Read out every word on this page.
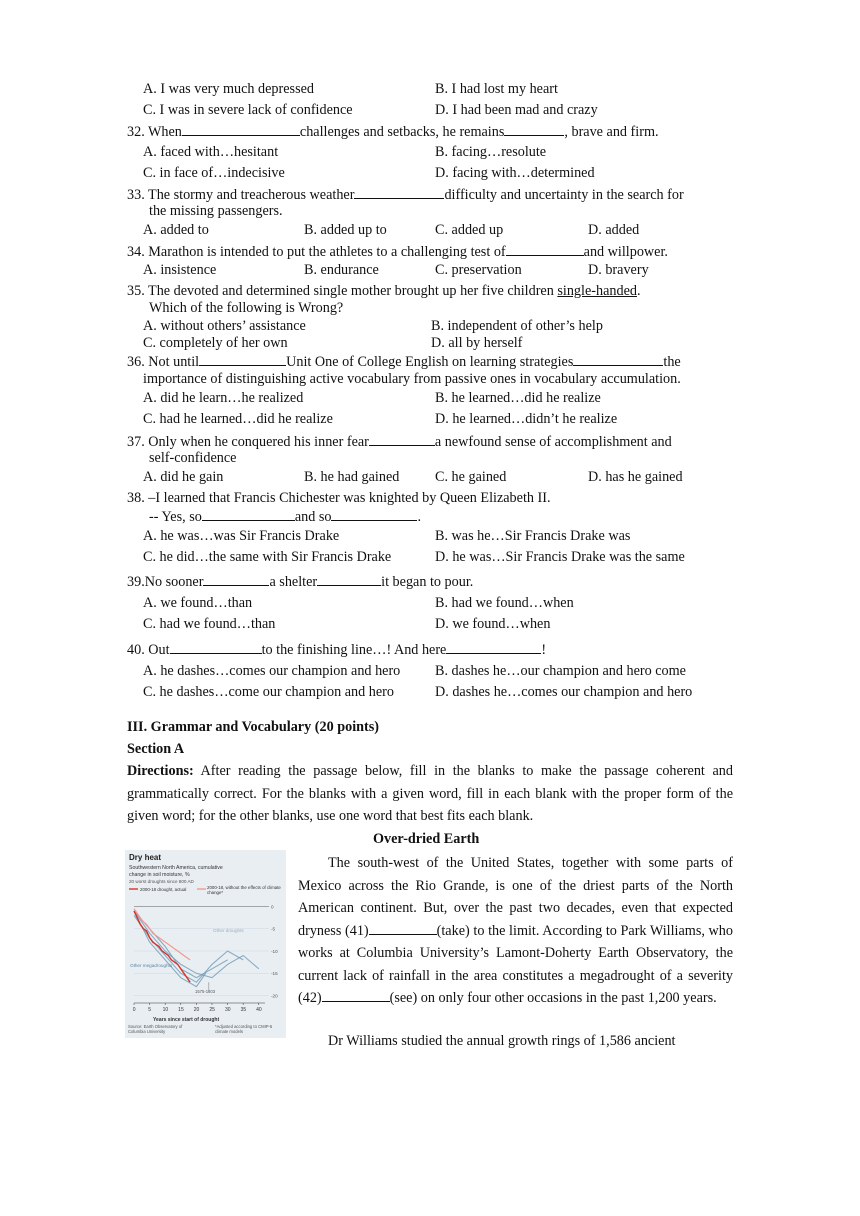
A. I was very much depressed	B. I had lost my heart
C. I was in severe lack of confidence	D. I had been mad and crazy
32. When	challenges and setbacks, he remains	, brave and firm.
A. faced with…hesitant	B. facing…resolute
C. in face of…indecisive	D. facing with…determined
33. The stormy and treacherous weather	difficulty and uncertainty in the search for
the missing passengers.
A. added to	B. added up to	C. added up	D. added
34. Marathon is intended to put the athletes to a challenging test of	and willpower.
A. insistence	B. endurance	C. preservation	D. bravery
35. The devoted and determined single mother brought up her five children single-handed.
Which of the following is Wrong?
A. without others’ assistance	B. independent of other’s help
C. completely of her own	D. all by herself
36. Not until	Unit One of College English on learning strategies	the
importance of distinguishing active vocabulary from passive ones in vocabulary accumulation.
A. did he learn…he realized	B. he learned…did he realize
C. had he learned…did he realize	D. he learned…didn’t he realize
37. Only when he conquered his inner fear	a newfound sense of accomplishment and
self-confidence
A. did he gain	B. he had gained	C. he gained	D. has he gained
38. –I learned that Francis Chichester was knighted by Queen Elizabeth II.
-- Yes, so	and so	.
A. he was…was Sir Francis Drake	B. was he…Sir Francis Drake was
C. he did…the same with Sir Francis Drake	D. he was…Sir Francis Drake was the same
39.No sooner	a shelter	it began to pour.
A. we found…than	B. had we found…when
C. had we found…than	D. we found…when
40. Out	to the finishing line…! And here	!
A. he dashes…comes our champion and hero B. dashes he…our champion and hero come
C. he dashes…come our champion and hero	D. dashes he…comes our champion and hero
III. Grammar and Vocabulary (20 points)
Section A
Directions: After reading the passage below, fill in the blanks to make the passage coherent and grammatically correct. For the blanks with a given word, fill in each blank with the proper form of the given word; for the other blanks, use one word that best fits each blank.
Over-dried Earth
Dry heat
Southwestern North America, cumulative
change in soil moisture, %
20 worst droughts since 800 AD
2000-18 drought, actual	2000-18, without the effects of climate change*
0
-5
-10
-15
-20
0	5 10 15 20 25 30 35 40
Other droughts
Other megadroughts
1575-1603
Years since start of drought
Source: Earth Observatory of Columbia University
*Adjusted according to CMIP-5 climate models
The south-west of the United States, together with some parts of Mexico across the Rio Grande, is one of the driest parts of the North American continent. But, over the past two decades, even that expected dryness (41)	(take) to the limit. According to Park Williams, who works at Columbia University’s Lamont-Doherty Earth Observatory, the current lack of rainfall in the area constitutes a megadrought of a severity (42)	(see) on only four other occasions in the past 1,200 years.
Dr Williams studied the annual growth rings of 1,586 ancient
